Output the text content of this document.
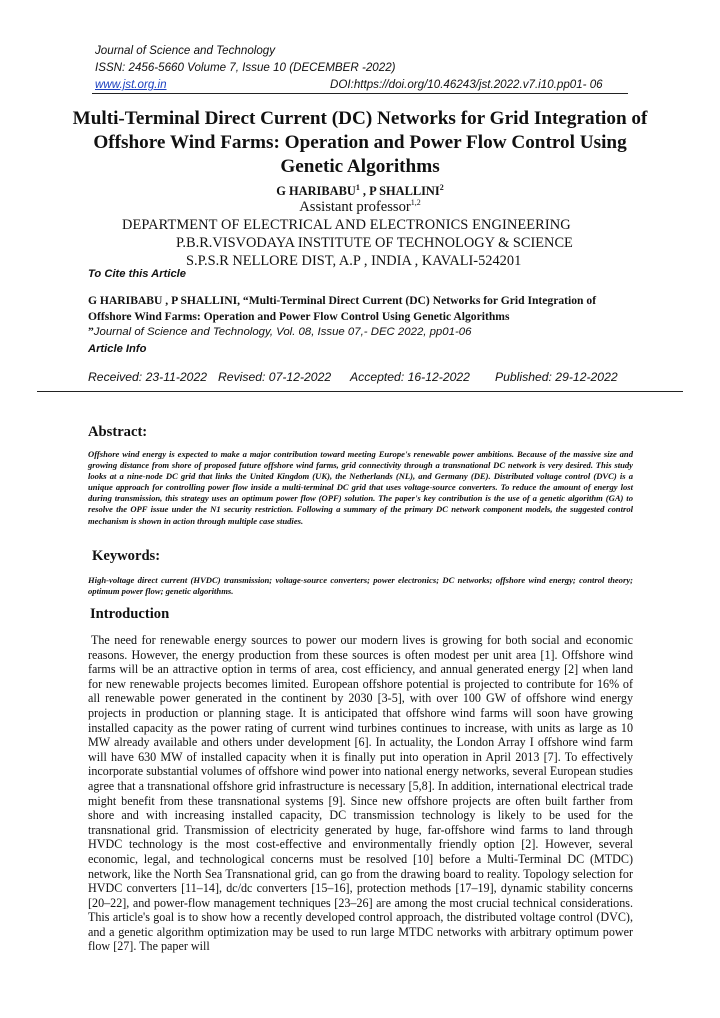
Journal of Science and Technology
ISSN: 2456-5660 Volume 7, Issue 10 (DECEMBER -2022)
www.jst.org.in	DOI:https://doi.org/10.46243/jst.2022.v7.i10.pp01- 06
Multi-Terminal Direct Current (DC) Networks for Grid Integration of Offshore Wind Farms: Operation and Power Flow Control Using Genetic Algorithms
G HARIBABU$^1$ , P SHALLINI$^2$
Assistant professor$^{1,2}$
DEPARTMENT OF ELECTRICAL AND ELECTRONICS ENGINEERING
P.B.R.VISVODAYA INSTITUTE OF TECHNOLOGY & SCIENCE
S.P.S.R NELLORE DIST, A.P , INDIA , KAVALI-524201
To Cite this Article
G HARIBABU , P SHALLINI, “Multi-Terminal Direct Current (DC) Networks for Grid Integration of Offshore Wind Farms: Operation and Power Flow Control Using Genetic Algorithms
”Journal of Science and Technology, Vol. 08, Issue 07,- DEC 2022, pp01-06
Article Info
Received: 23-11-2022 Revised: 07-12-2022 Accepted: 16-12-2022 Published: 29-12-2022
Abstract:
Offshore wind energy is expected to make a major contribution toward meeting Europe's renewable power ambitions. Because of the massive size and growing distance from shore of proposed future offshore wind farms, grid connectivity through a transnational DC network is very desired. This study looks at a nine-node DC grid that links the United Kingdom (UK), the Netherlands (NL), and Germany (DE). Distributed voltage control (DVC) is a unique approach for controlling power flow inside a multi-terminal DC grid that uses voltage-source converters. To reduce the amount of energy lost during transmission, this strategy uses an optimum power flow (OPF) solution. The paper's key contribution is the use of a genetic algorithm (GA) to resolve the OPF issue under the N1 security restriction. Following a summary of the primary DC network component models, the suggested control mechanism is shown in action through multiple case studies.
Keywords:
High-voltage direct current (HVDC) transmission; voltage-source converters; power electronics; DC networks; offshore wind energy; control theory; optimum power flow; genetic algorithms.
Introduction
The need for renewable energy sources to power our modern lives is growing for both social and economic reasons. However, the energy production from these sources is often modest per unit area [1]. Offshore wind farms will be an attractive option in terms of area, cost efficiency, and annual generated energy [2] when land for new renewable projects becomes limited. European offshore potential is projected to contribute for 16% of all renewable power generated in the continent by 2030 [3-5], with over 100 GW of offshore wind energy projects in production or planning stage. It is anticipated that offshore wind farms will soon have growing installed capacity as the power rating of current wind turbines continues to increase, with units as large as 10 MW already available and others under development [6]. In actuality, the London Array I offshore wind farm will have 630 MW of installed capacity when it is finally put into operation in April 2013 [7]. To effectively incorporate substantial volumes of offshore wind power into national energy networks, several European studies agree that a transnational offshore grid infrastructure is necessary [5,8]. In addition, international electrical trade might benefit from these transnational systems [9]. Since new offshore projects are often built farther from shore and with increasing installed capacity, DC transmission technology is likely to be used for the transnational grid. Transmission of electricity generated by huge, far-offshore wind farms to land through HVDC technology is the most cost-effective and environmentally friendly option [2]. However, several economic, legal, and technological concerns must be resolved [10] before a Multi-Terminal DC (MTDC) network, like the North Sea Transnational grid, can go from the drawing board to reality. Topology selection for HVDC converters [11–14], dc/dc converters [15–16], protection methods [17–19], dynamic stability concerns [20–22], and power-flow management techniques [23–26] are among the most crucial technical considerations. This article's goal is to show how a recently developed control approach, the distributed voltage control (DVC), and a genetic algorithm optimization may be used to run large MTDC networks with arbitrary optimum power flow [27]. The paper will
